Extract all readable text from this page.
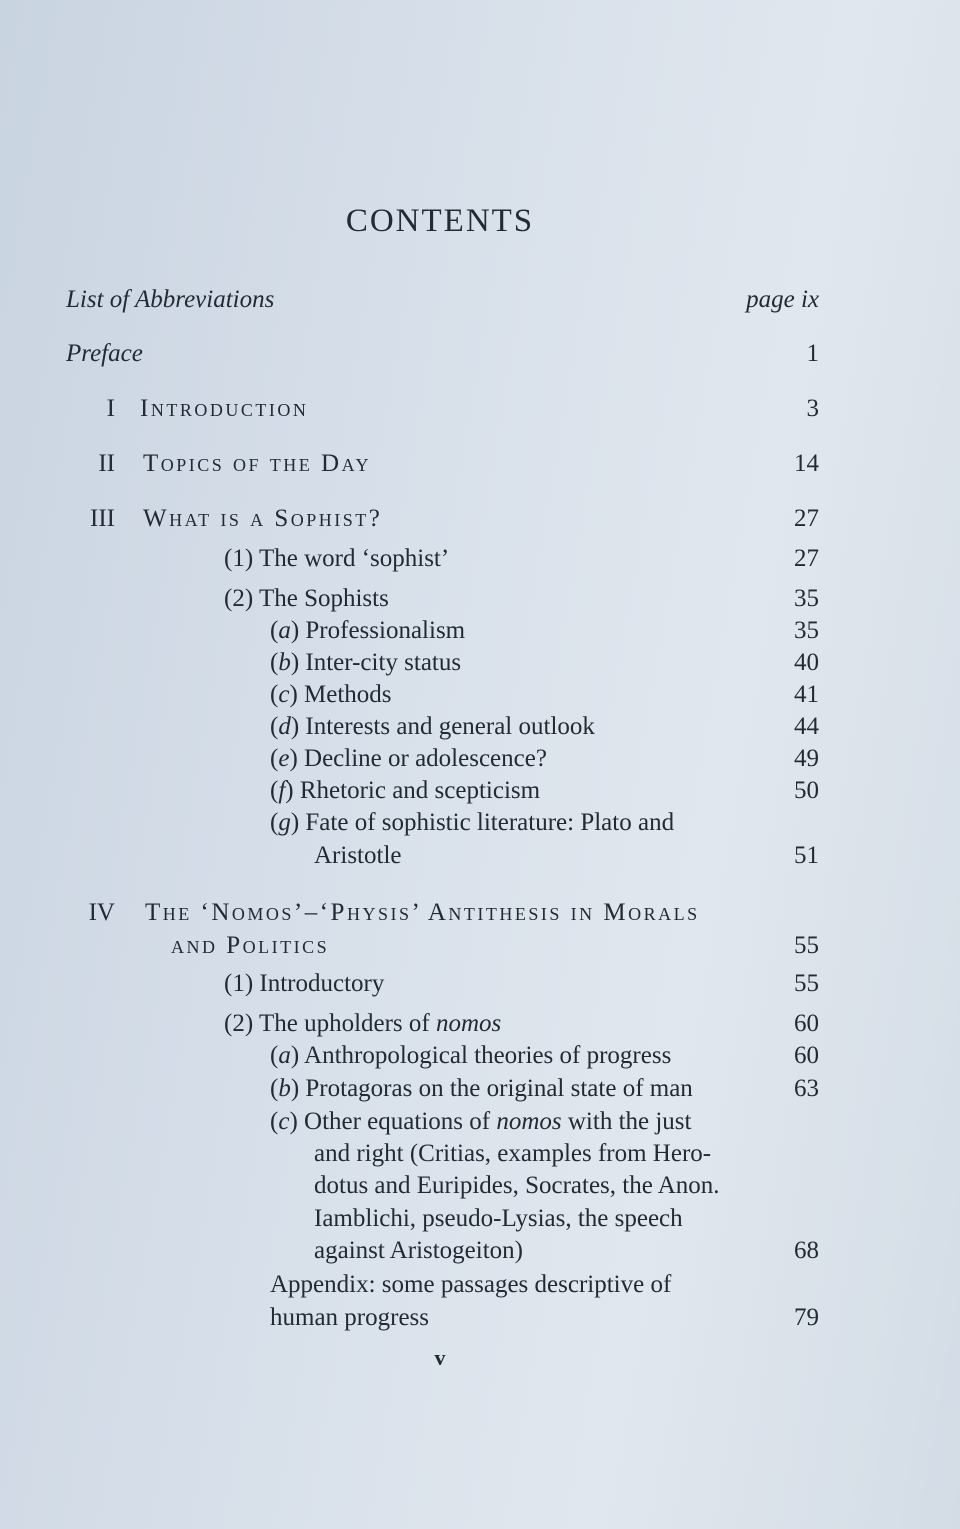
CONTENTS
List of Abbreviations	page ix
Preface	1
I Introduction	3
II Topics of the Day	14
III What is a Sophist?	27
(1) The word ‘sophist’	27
(2) The Sophists	35
(a) Professionalism	35
(b) Inter-city status	40
(c) Methods	41
(d) Interests and general outlook	44
(e) Decline or adolescence?	49
(f) Rhetoric and scepticism	50
(g) Fate of sophistic literature: Plato and
Aristotle	51
IV The ‘Nomos’–‘Physis’ Antithesis in Morals
and Politics	55
(1) Introductory	55
(2) The upholders of nomos	60
(a) Anthropological theories of progress	60
(b) Protagoras on the original state of man	63
(c) Other equations of nomos with the just
and right (Critias, examples from Hero-
dotus and Euripides, Socrates, the Anon.
Iamblichi, pseudo-Lysias, the speech
against Aristogeiton)	68
Appendix: some passages descriptive of
human progress	79
v
